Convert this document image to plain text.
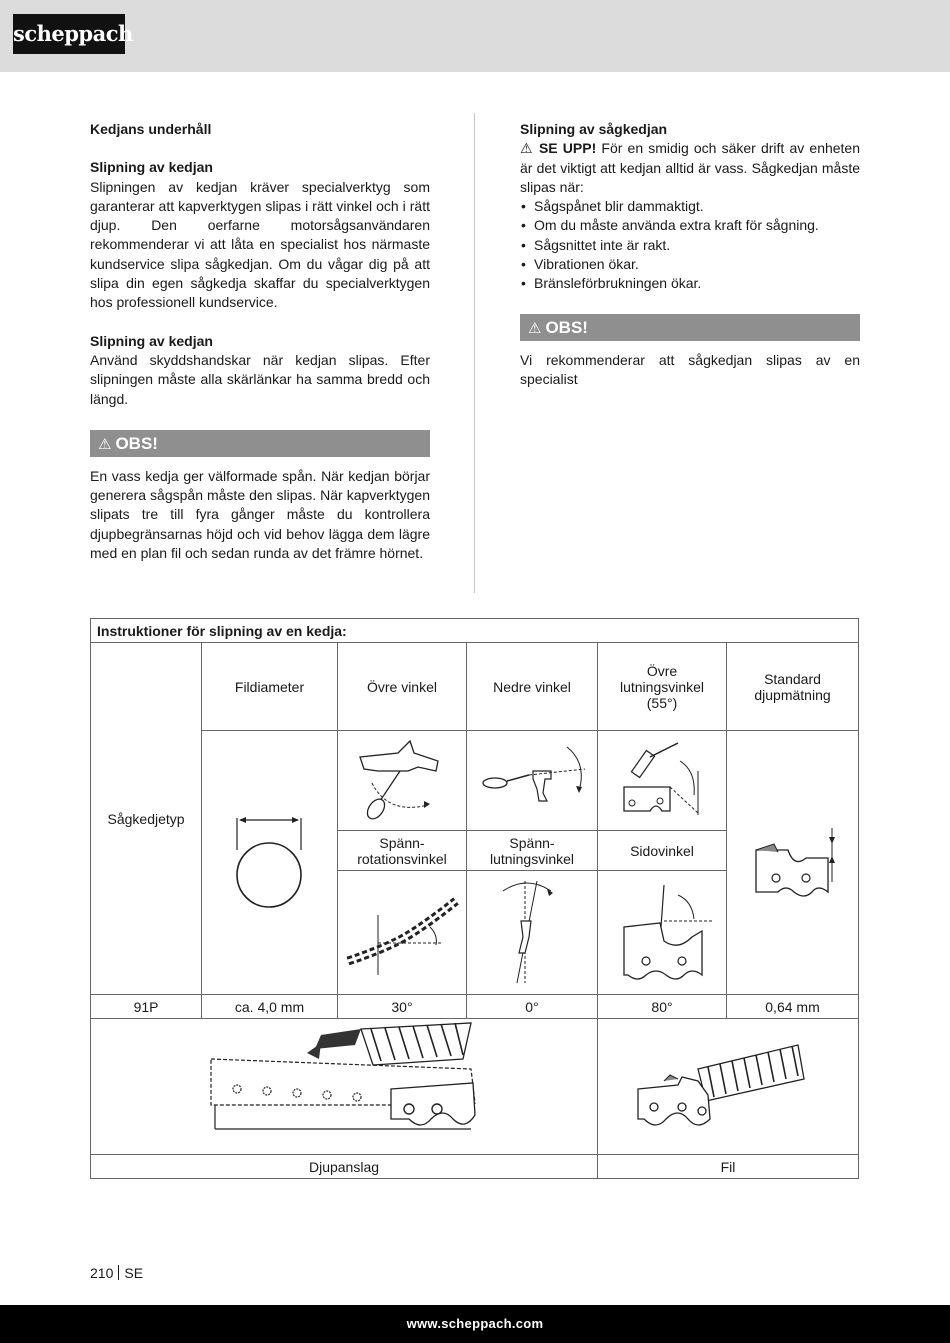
scheppach
Kedjans underhåll
Slipning av kedjan

Slipningen av kedjan kräver specialverktyg som garanterar att kapverktygen slipas i rätt vinkel och i rätt djup. Den oerfarne motorsågsanvändaren rekommenderar vi att låta en specialist hos närmaste kundservice slipa sågkedjan. Om du vågar dig på att slipa din egen sågkedja skaffar du specialverktygen hos professionell kundservice.

Slipning av kedjan

Använd skyddshandskar när kedjan slipas. Efter slipningen måste alla skärlänkar ha samma bredd och längd.

⚠ OBS!

En vass kedja ger välformade spån. När kedjan börjar generera sågspån måste den slipas. När kapverktygen slipats tre till fyra gånger måste du kontrollera djupbegränsarnas höjd och vid behov lägga dem lägre med en plan fil och sedan runda av det främre hörnet.

Slipning av sågkedjan

⚠ SE UPP! För en smidig och säker drift av enheten är det viktigt att kedjan alltid är vass. Sågkedjan måste slipas när:

• Sågspånet blir dammaktigt.
• Om du måste använda extra kraft för sågning.
• Sågsnittet inte är rakt.
• Vibrationen ökar.
• Bränsleförbrukningen ökar.
⚠ OBS!

Vi rekommenderar att sågkedjan slipas av en specialist

Instruktioner för slipning av en kedja:					
Sågkedjetyp	Fildiameter	Övre vinkel	Nedre vinkel	Övre
lutningsvinkel
(55°)	Standard
djupmätning

		Spänn-
rotationsvinkel	Spänn-
lutningsvinkel	Sidovinkel	

91P	ca. 4,0 mm	30°	0°	80°	0,64 mm

Djupanslag				Fil	
210 SE
www.scheppach.com
